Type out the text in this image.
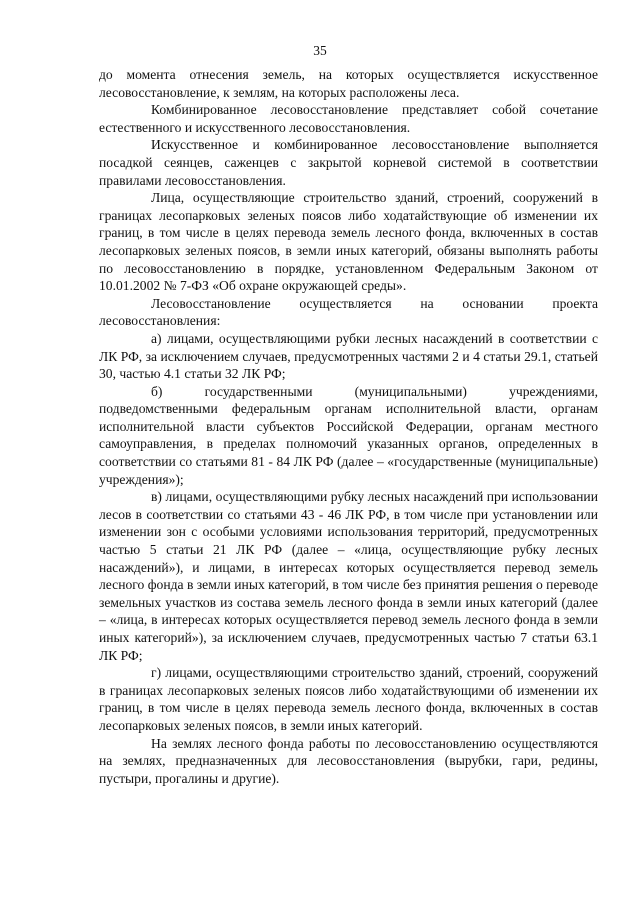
35

до момента отнесения земель, на которых осуществляется искусственное лесовосстановление, к землям, на которых расположены леса.

Комбинированное лесовосстановление представляет собой сочетание естественного и искусственного лесовосстановления.

Искусственное и комбинированное лесовосстановление выполняется посадкой сеянцев, саженцев с закрытой корневой системой в соответствии правилами лесовосстановления.

Лица, осуществляющие строительство зданий, строений, сооружений в границах лесопарковых зеленых поясов либо ходатайствующие об изменении их границ, в том числе в целях перевода земель лесного фонда, включенных в состав лесопарковых зеленых поясов, в земли иных категорий, обязаны выполнять работы по лесовосстановлению в порядке, установленном Федеральным Законом от 10.01.2002 № 7-ФЗ «Об охране окружающей среды».

Лесовосстановление осуществляется на основании проекта лесовосстановления:

а) лицами, осуществляющими рубки лесных насаждений в соответствии с ЛК РФ, за исключением случаев, предусмотренных частями 2 и 4 статьи 29.1, статьей 30, частью 4.1 статьи 32 ЛК РФ;

б) государственными (муниципальными) учреждениями, подведомственными федеральным органам исполнительной власти, органам исполнительной власти субъектов Российской Федерации, органам местного самоуправления, в пределах полномочий указанных органов, определенных в соответствии со статьями 81 - 84 ЛК РФ (далее – «государственные (муниципальные) учреждения»);

в) лицами, осуществляющими рубку лесных насаждений при использовании лесов в соответствии со статьями 43 - 46 ЛК РФ, в том числе при установлении или изменении зон с особыми условиями использования территорий, предусмотренных частью 5 статьи 21 ЛК РФ (далее – «лица, осуществляющие рубку лесных насаждений»), и лицами, в интересах которых осуществляется перевод земель лесного фонда в земли иных категорий, в том числе без принятия решения о переводе земельных участков из состава земель лесного фонда в земли иных категорий (далее – «лица, в интересах которых осуществляется перевод земель лесного фонда в земли иных категорий»), за исключением случаев, предусмотренных частью 7 статьи 63.1 ЛК РФ;

г) лицами, осуществляющими строительство зданий, строений, сооружений в границах лесопарковых зеленых поясов либо ходатайствующими об изменении их границ, в том числе в целях перевода земель лесного фонда, включенных в состав лесопарковых зеленых поясов, в земли иных категорий.

На землях лесного фонда работы по лесовосстановлению осуществляются на землях, предназначенных для лесовосстановления (вырубки, гари, редины, пустыри, прогалины и другие).
